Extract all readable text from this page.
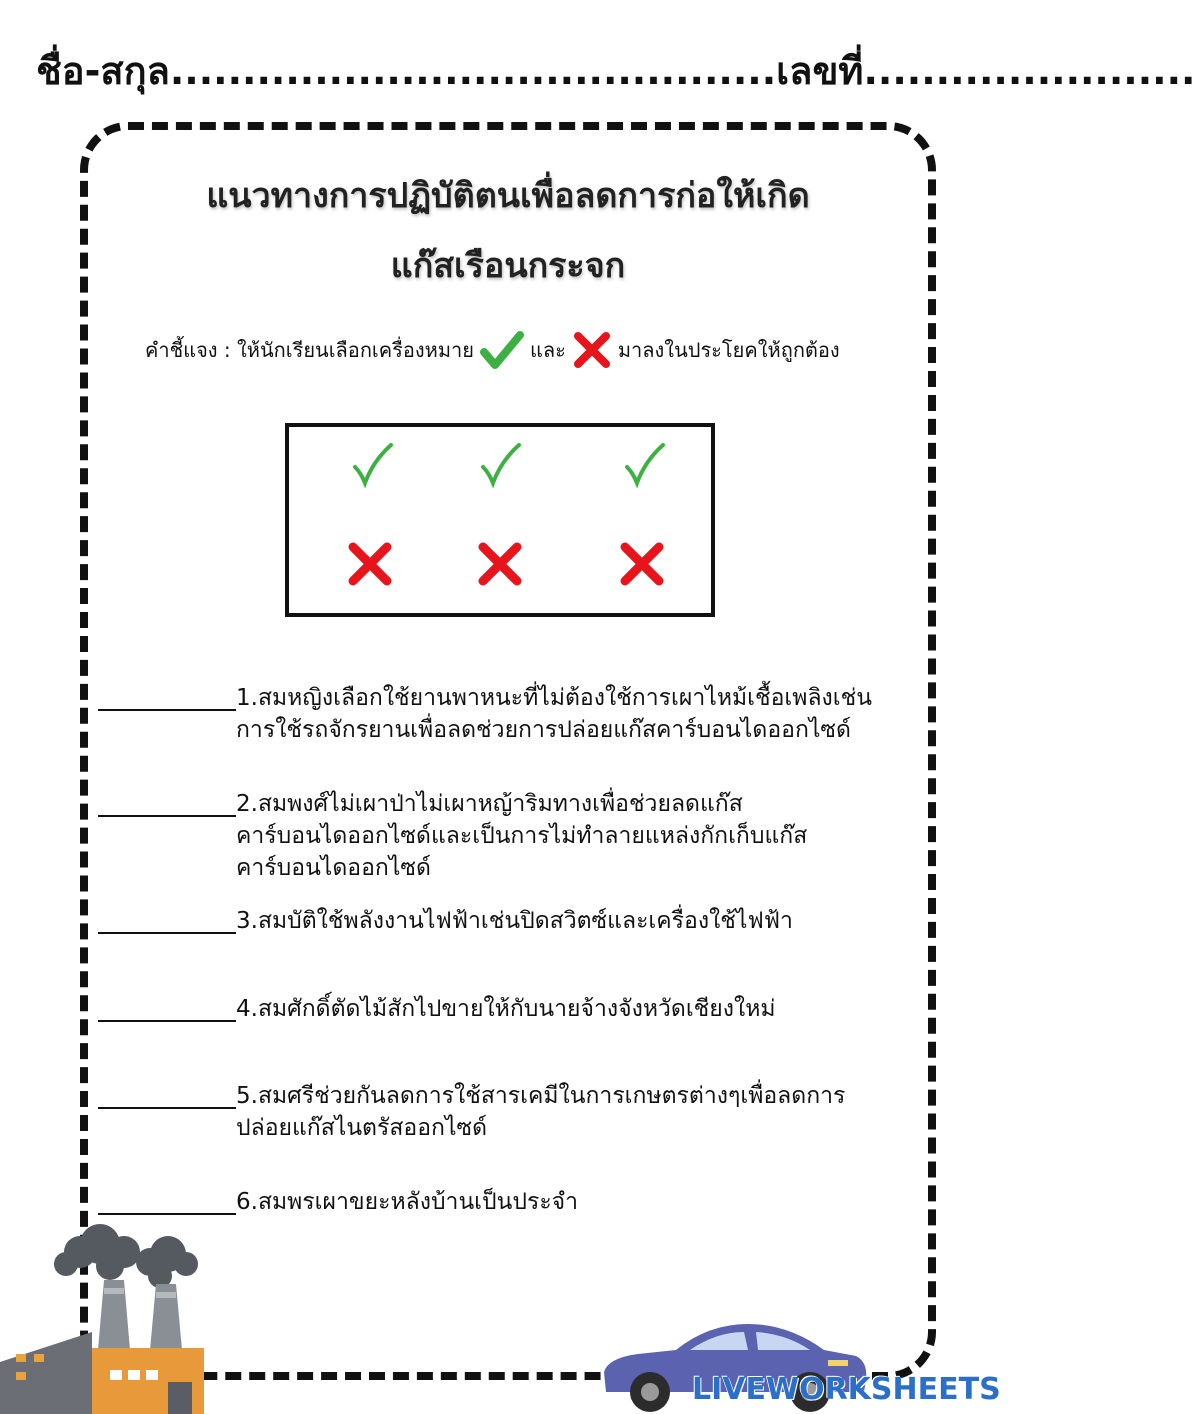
ชื่อ-สกุล..........................................เลขที่.......................
แนวทางการปฏิบัติตนเพื่อลดการก่อให้เกิด
แก๊สเรือนกระจก
คำชี้แจง : ให้นักเรียนเลือกเครื่องหมาย	และ	มาลงในประโยคให้ถูกต้อง
1.สมหญิงเลือกใช้ยานพาหนะที่ไม่ต้องใช้การเผาไหม้เชื้อเพลิงเช่น
การใช้รถจักรยานเพื่อลดช่วยการปล่อยแก๊สคาร์บอนไดออกไซด์
2.สมพงศ์ไม่เผาป่าไม่เผาหญ้าริมทางเพื่อช่วยลดแก๊ส
คาร์บอนไดออกไซด์และเป็นการไม่ทำลายแหล่งกักเก็บแก๊ส
คาร์บอนไดออกไซด์
3.สมบัติใช้พลังงานไฟฟ้าเช่นปิดสวิตซ์และเครื่องใช้ไฟฟ้า
4.สมศักดิ์ตัดไม้สักไปขายให้กับนายจ้างจังหวัดเชียงใหม่
5.สมศรีช่วยกันลดการใช้สารเคมีในการเกษตรต่างๆเพื่อลดการ
ปล่อยแก๊สไนตรัสออกไซด์
6.สมพรเผาขยะหลังบ้านเป็นประจำ
LIVEWORKSHEETS
